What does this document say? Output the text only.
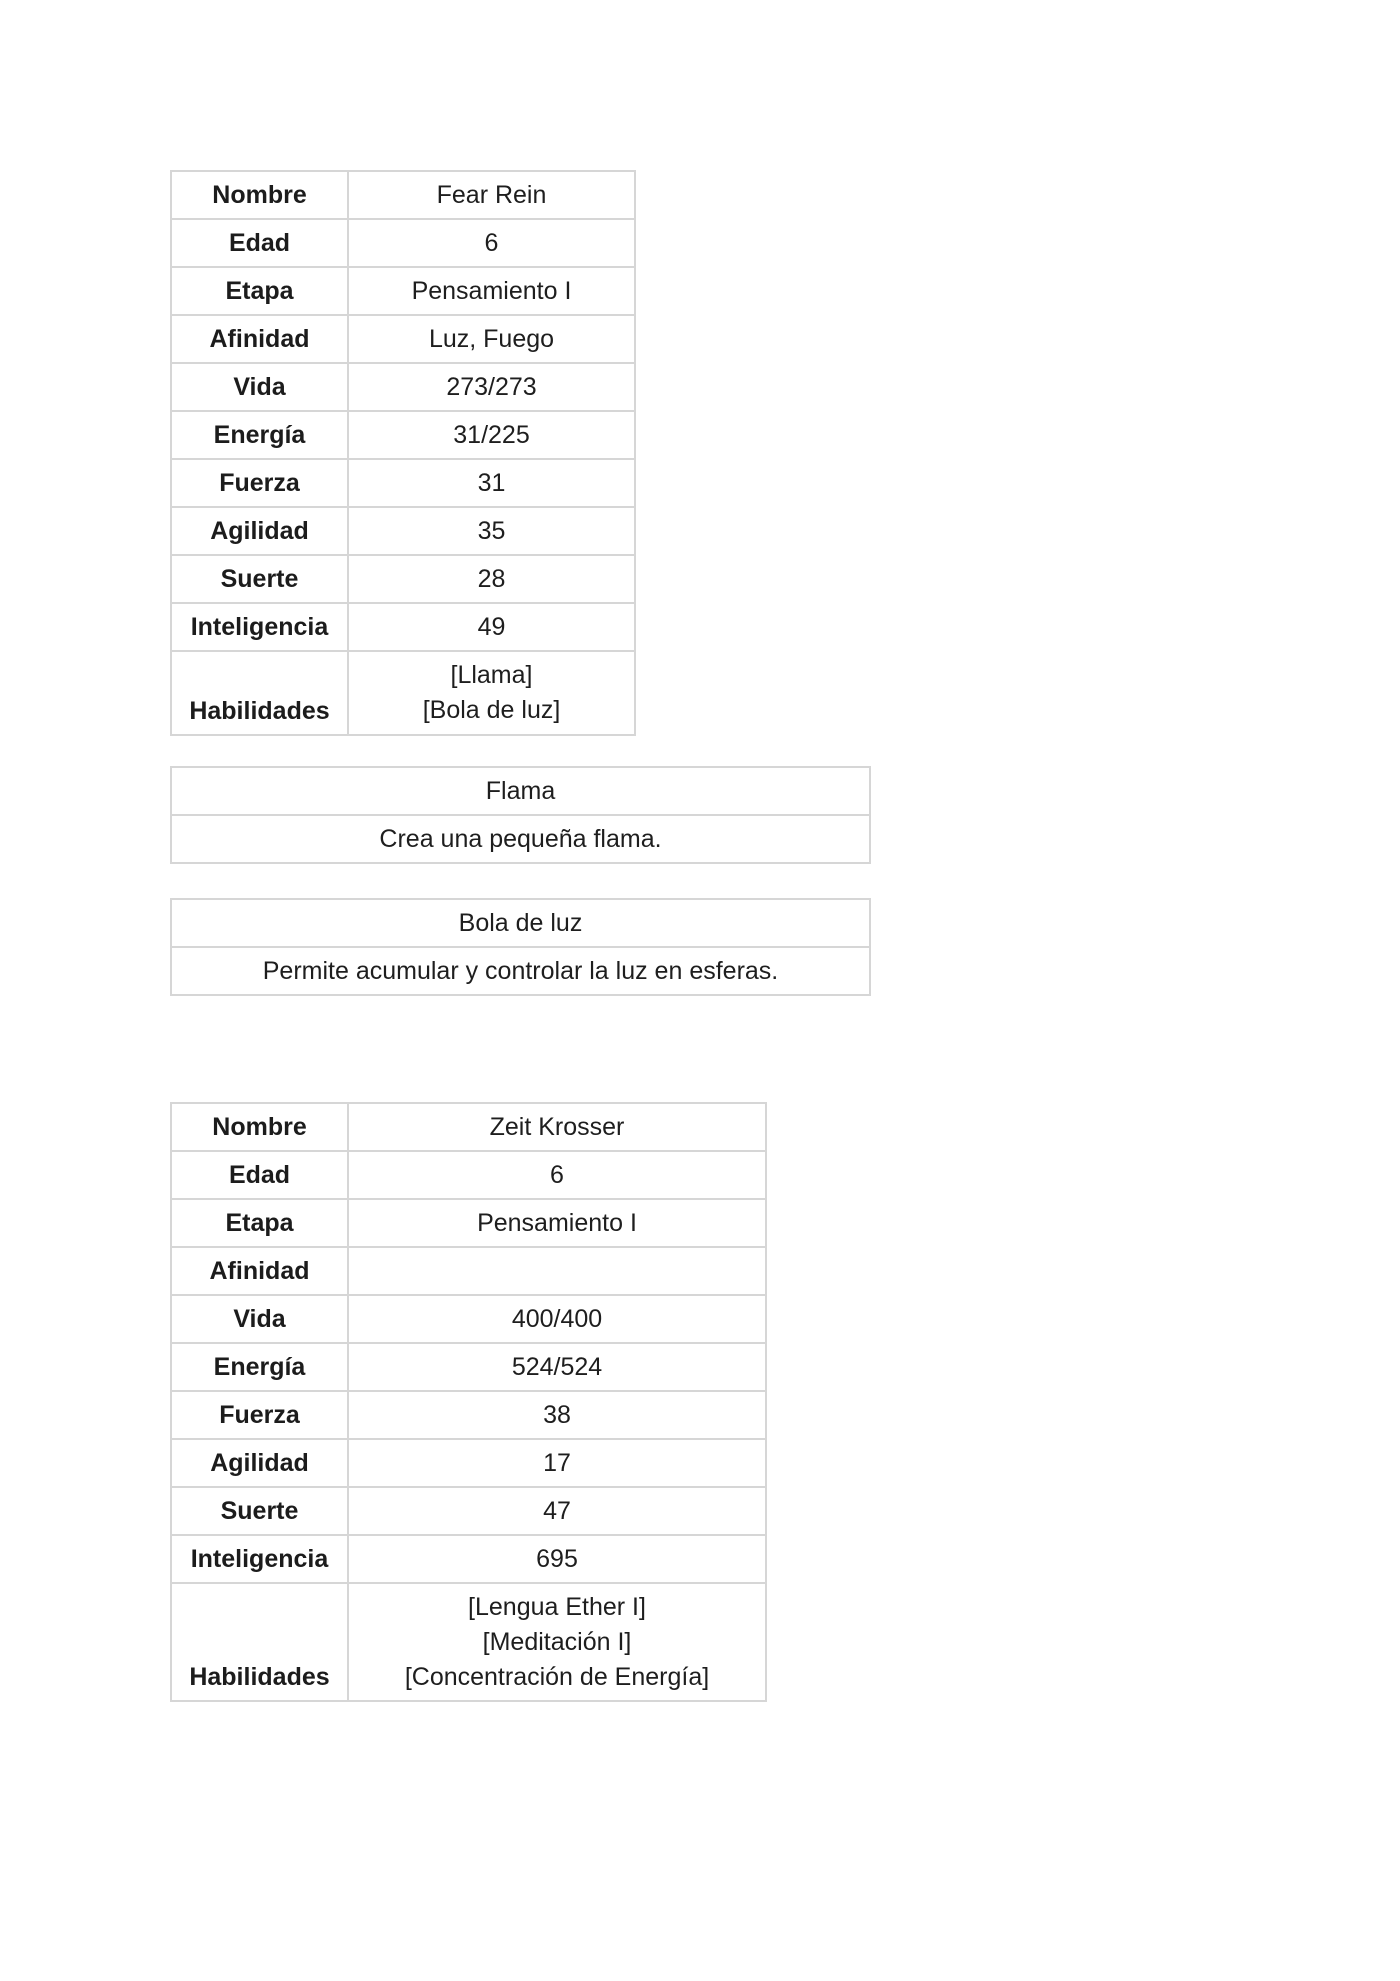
Nombre	Fear Rein
Edad	6
Etapa	Pensamiento I
Afinidad	Luz, Fuego
Vida	273/273
Energía	31/225
Fuerza	31
Agilidad	35
Suerte	28
Inteligencia	49
Habilidades	[Llama]
[Bola de luz]
Flama
Crea una pequeña flama.
Bola de luz
Permite acumular y controlar la luz en esferas.
Nombre	Zeit Krosser
Edad	6
Etapa	Pensamiento I
Afinidad	
Vida	400/400
Energía	524/524
Fuerza	38
Agilidad	17
Suerte	47
Inteligencia	695
Habilidades	[Lengua Ether I]
[Meditación I]
[Concentración de Energía]
